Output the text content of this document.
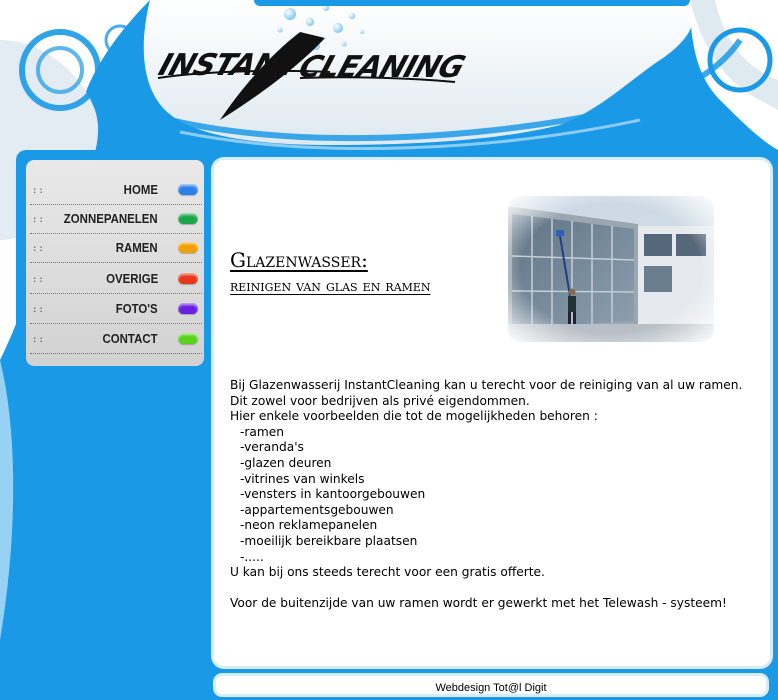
INSTANT
CLEANING
::	HOME
:: ZONNEPANELEN
::	RAMEN
::	OVERIGE
::	FOTO'S
::	CONTACT
Glazenwasser:
reinigen van glas en ramen
Bij Glazenwasserij InstantCleaning kan u terecht voor de reiniging van al uw ramen.
Dit zowel voor bedrijven als privé eigendommen.
Hier enkele voorbeelden die tot de mogelijkheden behoren :
-ramen
-veranda's
-glazen deuren
-vitrines van winkels
-vensters in kantoorgebouwen
-appartementsgebouwen
-neon reklamepanelen
-moeilijk bereikbare plaatsen
-.....
U kan bij ons steeds terecht voor een gratis offerte.
Voor de buitenzijde van uw ramen wordt er gewerkt met het Telewash - systeem!
Webdesign Tot@l Digit
